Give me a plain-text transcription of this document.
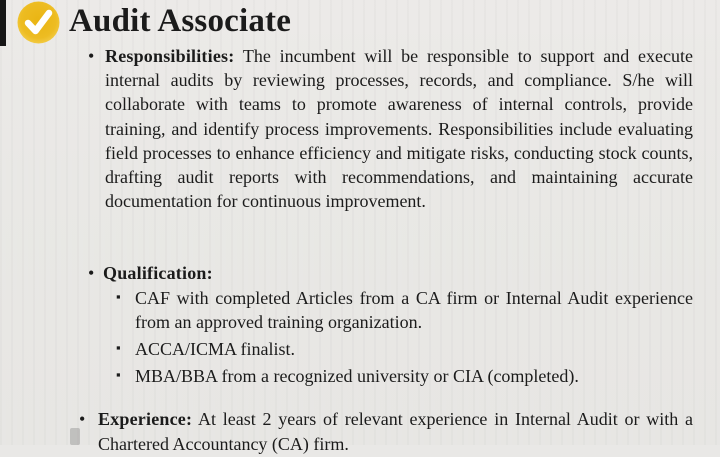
Audit Associate
• Responsibilities: The incumbent will be responsible to support and execute internal audits by reviewing processes, records, and compliance. S/he will collaborate with teams to promote awareness of internal controls, provide training, and identify process improvements. Responsibilities include evaluating field processes to enhance efficiency and mitigate risks, conducting stock counts, drafting audit reports with recommendations, and maintaining accurate documentation for continuous improvement.

• Qualification:
▪ CAF with completed Articles from a CA firm or Internal Audit experience from an approved training organization.
▪ ACCA/ICMA finalist.
▪ MBA/BBA from a recognized university or CIA (completed).
• Experience: At least 2 years of relevant experience in Internal Audit or with a Chartered Accountancy (CA) firm.
